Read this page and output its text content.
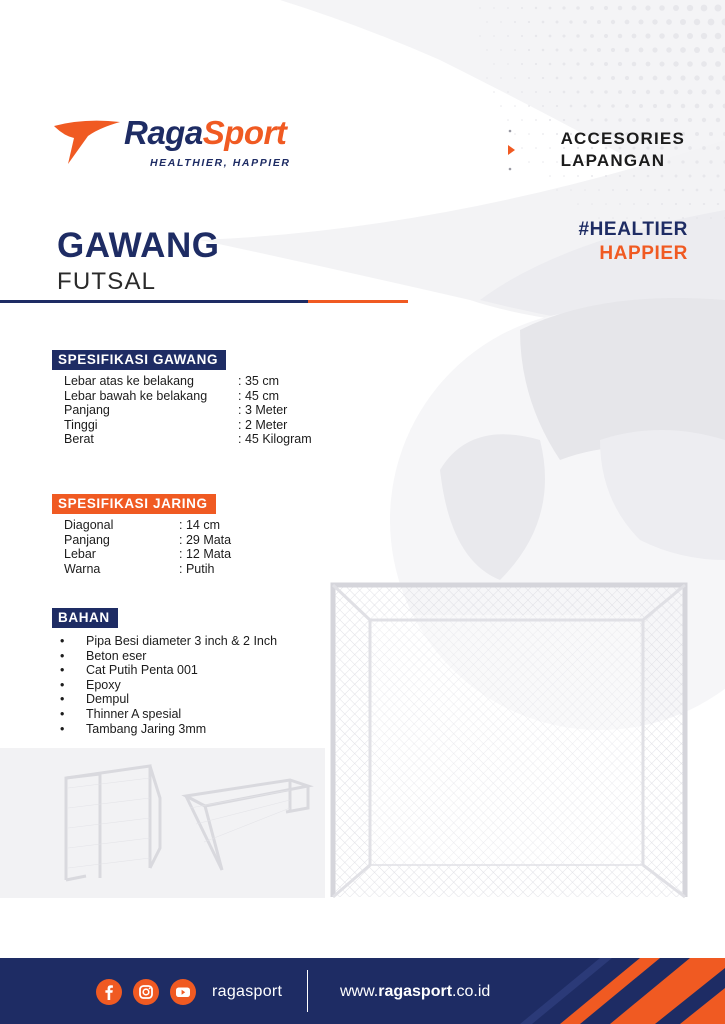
RagaSport
HEALTHIER, HAPPIER
ACCESORIES
LAPANGAN
#HEALTIER
HAPPIER
GAWANG
FUTSAL
SPESIFIKASI GAWANG
Lebar atas ke belakang	: 35 cm
Lebar bawah ke belakang : 45 cm
Panjang	: 3 Meter
Tinggi	: 2 Meter
Berat	: 45 Kilogram
SPESIFIKASI JARING
Diagonal	: 14 cm
Panjang	: 29 Mata
Lebar	: 12 Mata
Warna	: Putih
BAHAN
• Pipa Besi diameter 3 inch & 2 Inch
• Beton eser
• Cat Putih Penta 001
• Epoxy
• Dempul
• Thinner A spesial
• Tambang Jaring 3mm
ragasport	www.ragasport.co.id
